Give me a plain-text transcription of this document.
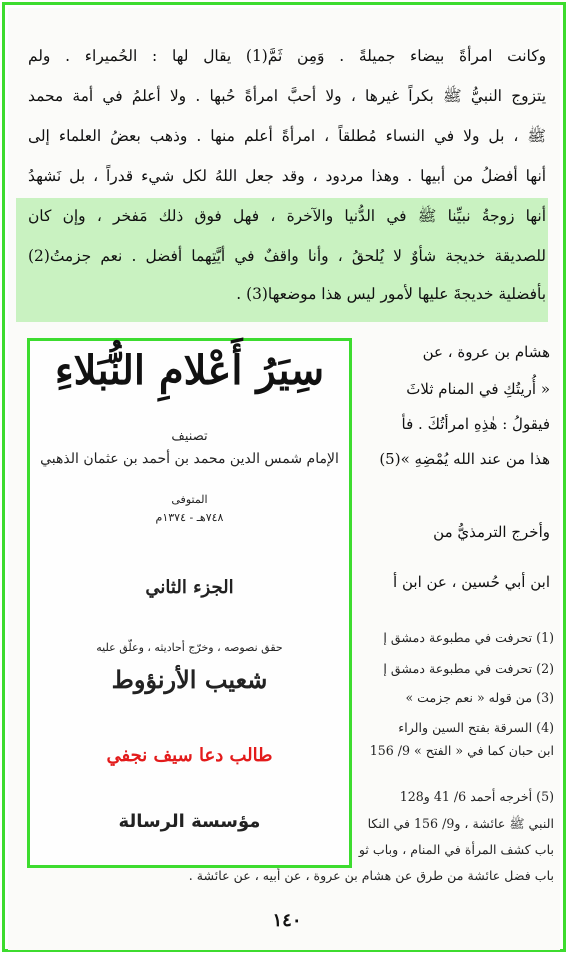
وكانت امرأةً بيضاء جميلةً . وَمِن ثَمَّ(1) يقال لها : الحُميراء . ولم
يتزوج النبيُّ ﷺ بكراً غيرها ، ولا أحبَّ امرأةً حُبها . ولا أعلمُ في أمة محمد
ﷺ ، بل ولا في النساء مُطلقاً ، امرأةً أعلم منها . وذهب بعضُ العلماء إلى
أنها أفضلُ من أبيها . وهذا مردود ، وقد جعل اللهُ لكل شيء قدراً ، بل نَشهدُ
أنها زوجةُ نبيِّنا ﷺ في الدُّنيا والآخرة ، فهل فوق ذلك مَفخر ، وإن كان
للصديقة خديجة شأوٌ لا يُلحقُ ، وأنا واقفٌ في أيَّتِهما أفضل . نعم جزمتُ(2)
بأفضلية خديجةَ عليها لأمور ليس هذا موضعها(3) .
هشام بن عروة ، عن
« أُريتُكِ في المنام ثلاثَ
فيقولُ : هٰذِهِ امرأتُكَ . فأ
هذا من عند الله يُمْضِهِ »(5)
وأخرج الترمذيُّ من
ابن أبي حُسين ، عن ابن أ
(1) تحرفت في مطبوعة دمشق إ
(2) تحرفت في مطبوعة دمشق إ
(3) من قوله « نعم جزمت »
(4) السرقة بفتح السين والراء
ابن حبان كما في « الفتح » 9/ 156
(5) أخرجه أحمد 6/ 41 و128
النبي ﷺ عائشة ، و9/ 156 في النكا
باب كشف المرأة في المنام ، وباب ثو
باب فضل عائشة من طرق عن هشام بن عروة ، عن أبيه ، عن عائشة .
سِيَرُ أَعْلامِ النُّبَلاءِ
تصنيف
الإمام شمس الدين محمد بن أحمد بن عثمان الذهبي
المتوفى
٧٤٨هـ - ١٣٧٤م
الجزء الثاني
حقق نصوصه ، وخرّج أحاديثه ، وعلّق عليه
شعيب الأرنؤوط
طالب دعا سيف نجفي
مؤسسة الرسالة
١٤٠
